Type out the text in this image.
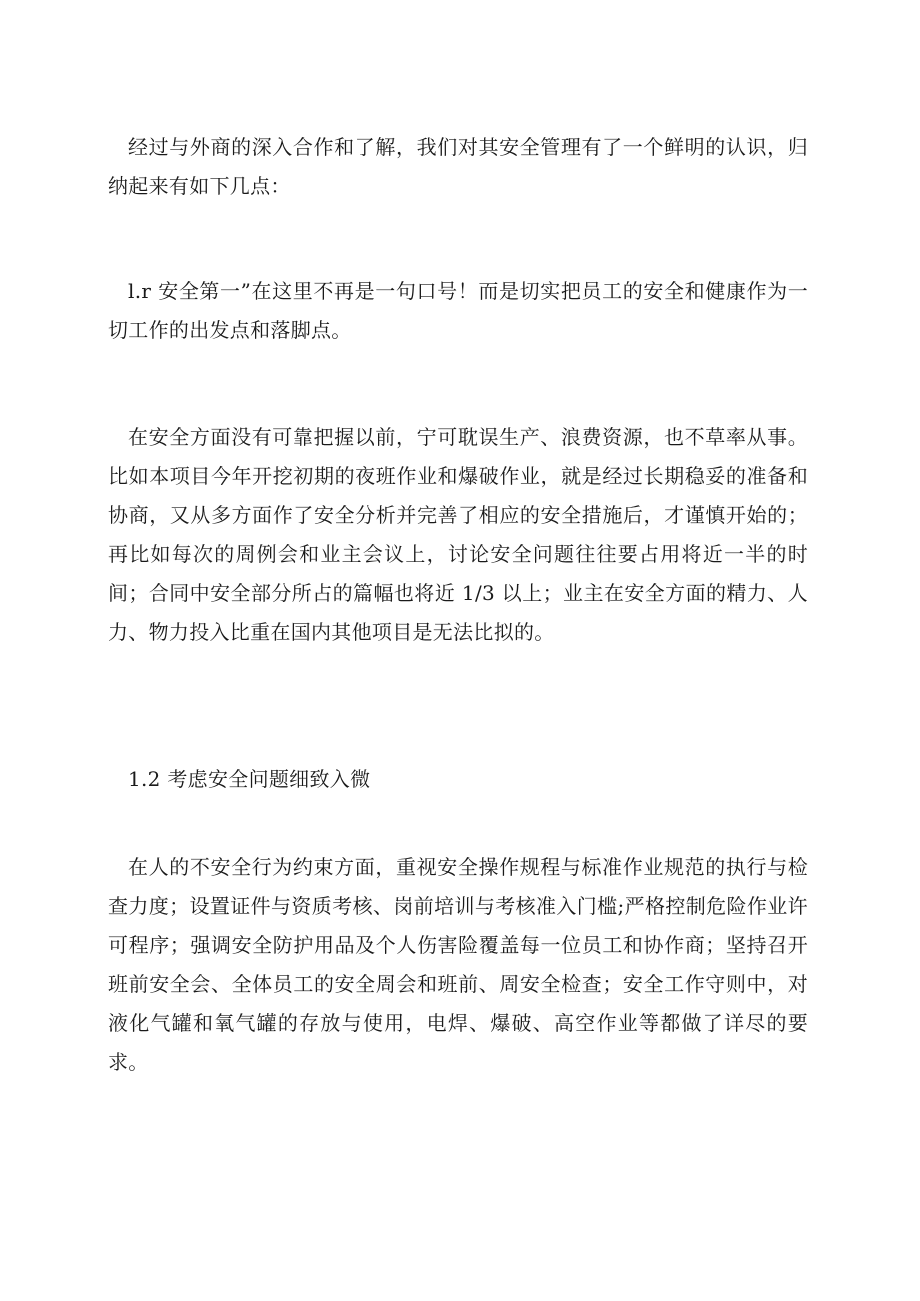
经过与外商的深入合作和了解，我们对其安全管理有了一个鲜明的认识，归纳起来有如下几点：

l.r 安全第一”在这里不再是一句口号！而是切实把员工的安全和健康作为一切工作的出发点和落脚点。

在安全方面没有可靠把握以前，宁可耽误生产、浪费资源，也不草率从事。比如本项目今年开挖初期的夜班作业和爆破作业，就是经过长期稳妥的准备和协商，又从多方面作了安全分析并完善了相应的安全措施后，才谨慎开始的；再比如每次的周例会和业主会议上，讨论安全问题往往要占用将近一半的时间；合同中安全部分所占的篇幅也将近 1/3 以上；业主在安全方面的精力、人力、物力投入比重在国内其他项目是无法比拟的。

1.2 考虑安全问题细致入微

在人的不安全行为约束方面，重视安全操作规程与标准作业规范的执行与检查力度；设置证件与资质考核、岗前培训与考核准入门槛;严格控制危险作业许可程序；强调安全防护用品及个人伤害险覆盖每一位员工和协作商；坚持召开班前安全会、全体员工的安全周会和班前、周安全检查；安全工作守则中，对液化气罐和氧气罐的存放与使用，电焊、爆破、高空作业等都做了详尽的要求。
